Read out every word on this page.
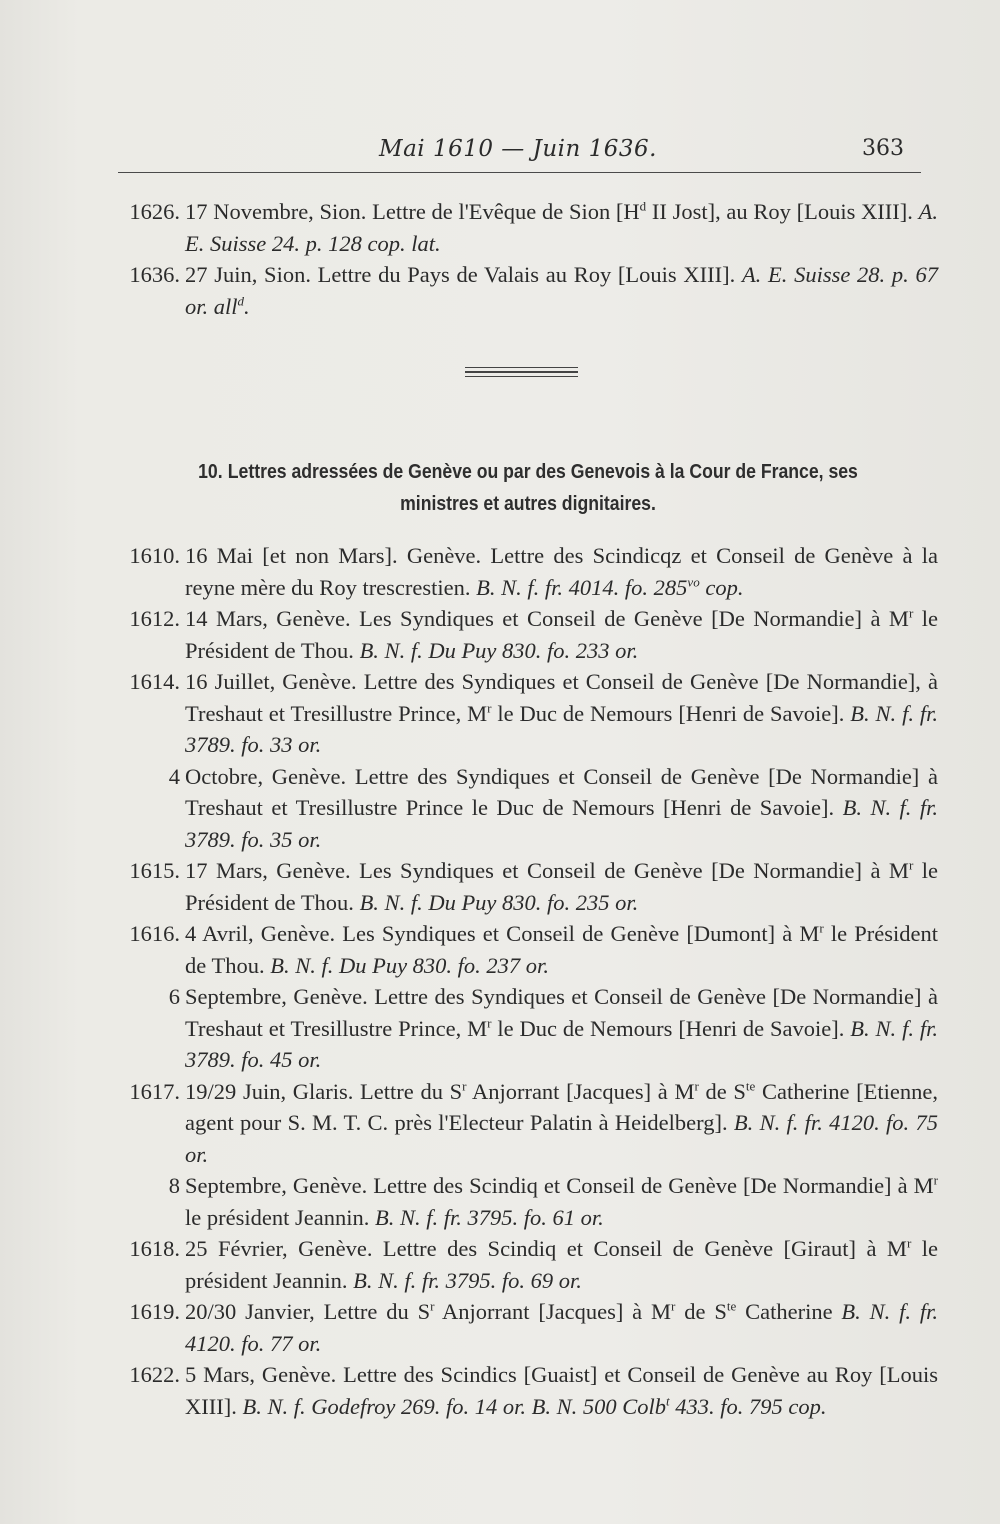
Mai 1610 — Juin 1636.	363
1626. 17 Novembre, Sion. Lettre de l'Evêque de Sion [$H^d$ II Jost], au Roy [Louis XIII]. A. E. Suisse 24. p. 128 cop. lat.
1636. 27 Juin, Sion. Lettre du Pays de Valais au Roy [Louis XIII]. A. E. Suisse 28. p. 67 or. all$^d$.
10. Lettres adressées de Genève ou par des Genevois à la Cour de France, ses ministres et autres dignitaires.
1610. 16 Mai [et non Mars]. Genève. Lettre des Scindicqz et Conseil de Genève à la reyne mère du Roy trescrestien. B. N. f. fr. 4014. fo. 285$^{vo}$ cop.
1612. 14 Mars, Genève. Les Syndiques et Conseil de Genève [De Normandie] à $M^r$ le Président de Thou. B. N. f. Du Puy 830. fo. 233 or.
1614. 16 Juillet, Genève. Lettre des Syndiques et Conseil de Genève [De Normandie], à Treshaut et Tresillustre Prince, $M^r$ le Duc de Nemours [Henri de Savoie]. B. N. f. fr. 3789. fo. 33 or.
4 Octobre, Genève. Lettre des Syndiques et Conseil de Genève [De Normandie] à Treshaut et Tresillustre Prince le Duc de Nemours [Henri de Savoie]. B. N. f. fr. 3789. fo. 35 or.
1615. 17 Mars, Genève. Les Syndiques et Conseil de Genève [De Normandie] à $M^r$ le Président de Thou. B. N. f. Du Puy 830. fo. 235 or.
1616. 4 Avril, Genève. Les Syndiques et Conseil de Genève [Dumont] à $M^r$ le Président de Thou. B. N. f. Du Puy 830. fo. 237 or.
6 Septembre, Genève. Lettre des Syndiques et Conseil de Genève [De Normandie] à Treshaut et Tresillustre Prince, $M^r$ le Duc de Nemours [Henri de Savoie]. B. N. f. fr. 3789. fo. 45 or.
1617. 19/29 Juin, Glaris. Lettre du $S^r$ Anjorrant [Jacques] à $M^r$ de $S^{te}$ Catherine [Etienne, agent pour S. M. T. C. près l'Electeur Palatin à Heidelberg]. B. N. f. fr. 4120. fo. 75 or.
8 Septembre, Genève. Lettre des Scindiq et Conseil de Genève [De Normandie] à $M^r$ le président Jeannin. B. N. f. fr. 3795. fo. 61 or.
1618. 25 Février, Genève. Lettre des Scindiq et Conseil de Genève [Giraut] à $M^r$ le président Jeannin. B. N. f. fr. 3795. fo. 69 or.
1619. 20/30 Janvier, Lettre du $S^r$ Anjorrant [Jacques] à $M^r$ de $S^{te}$ Catherine B. N. f. fr. 4120. fo. 77 or.
1622. 5 Mars, Genève. Lettre des Scindics [Guaist] et Conseil de Genève au Roy [Louis XIII]. B. N. f. Godefroy 269. fo. 14 or. B. N. 500 Colb$^t$ 433. fo. 795 cop.
